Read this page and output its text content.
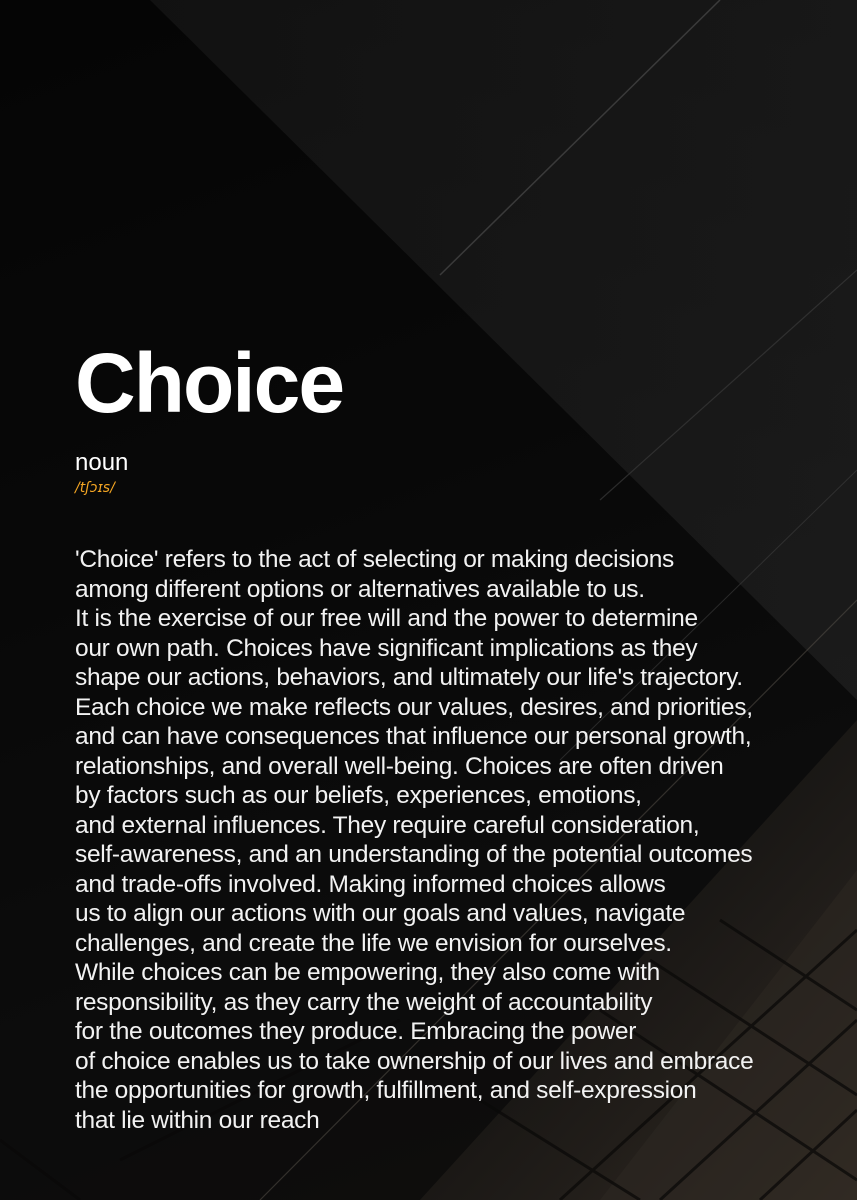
Choice
noun
/tʃɔɪs/
'Choice' refers to the act of selecting or making decisions
among different options or alternatives available to us.
It is the exercise of our free will and the power to determine
our own path. Choices have significant implications as they
shape our actions, behaviors, and ultimately our life's trajectory.
Each choice we make reflects our values, desires, and priorities,
and can have consequences that influence our personal growth,
relationships, and overall well-being. Choices are often driven
by factors such as our beliefs, experiences, emotions,
and external influences. They require careful consideration,
self-awareness, and an understanding of the potential outcomes
and trade-offs involved. Making informed choices allows
us to align our actions with our goals and values, navigate
challenges, and create the life we envision for ourselves.
While choices can be empowering, they also come with
responsibility, as they carry the weight of accountability
for the outcomes they produce. Embracing the power
of choice enables us to take ownership of our lives and embrace
the opportunities for growth, fulfillment, and self-expression
that lie within our reach
